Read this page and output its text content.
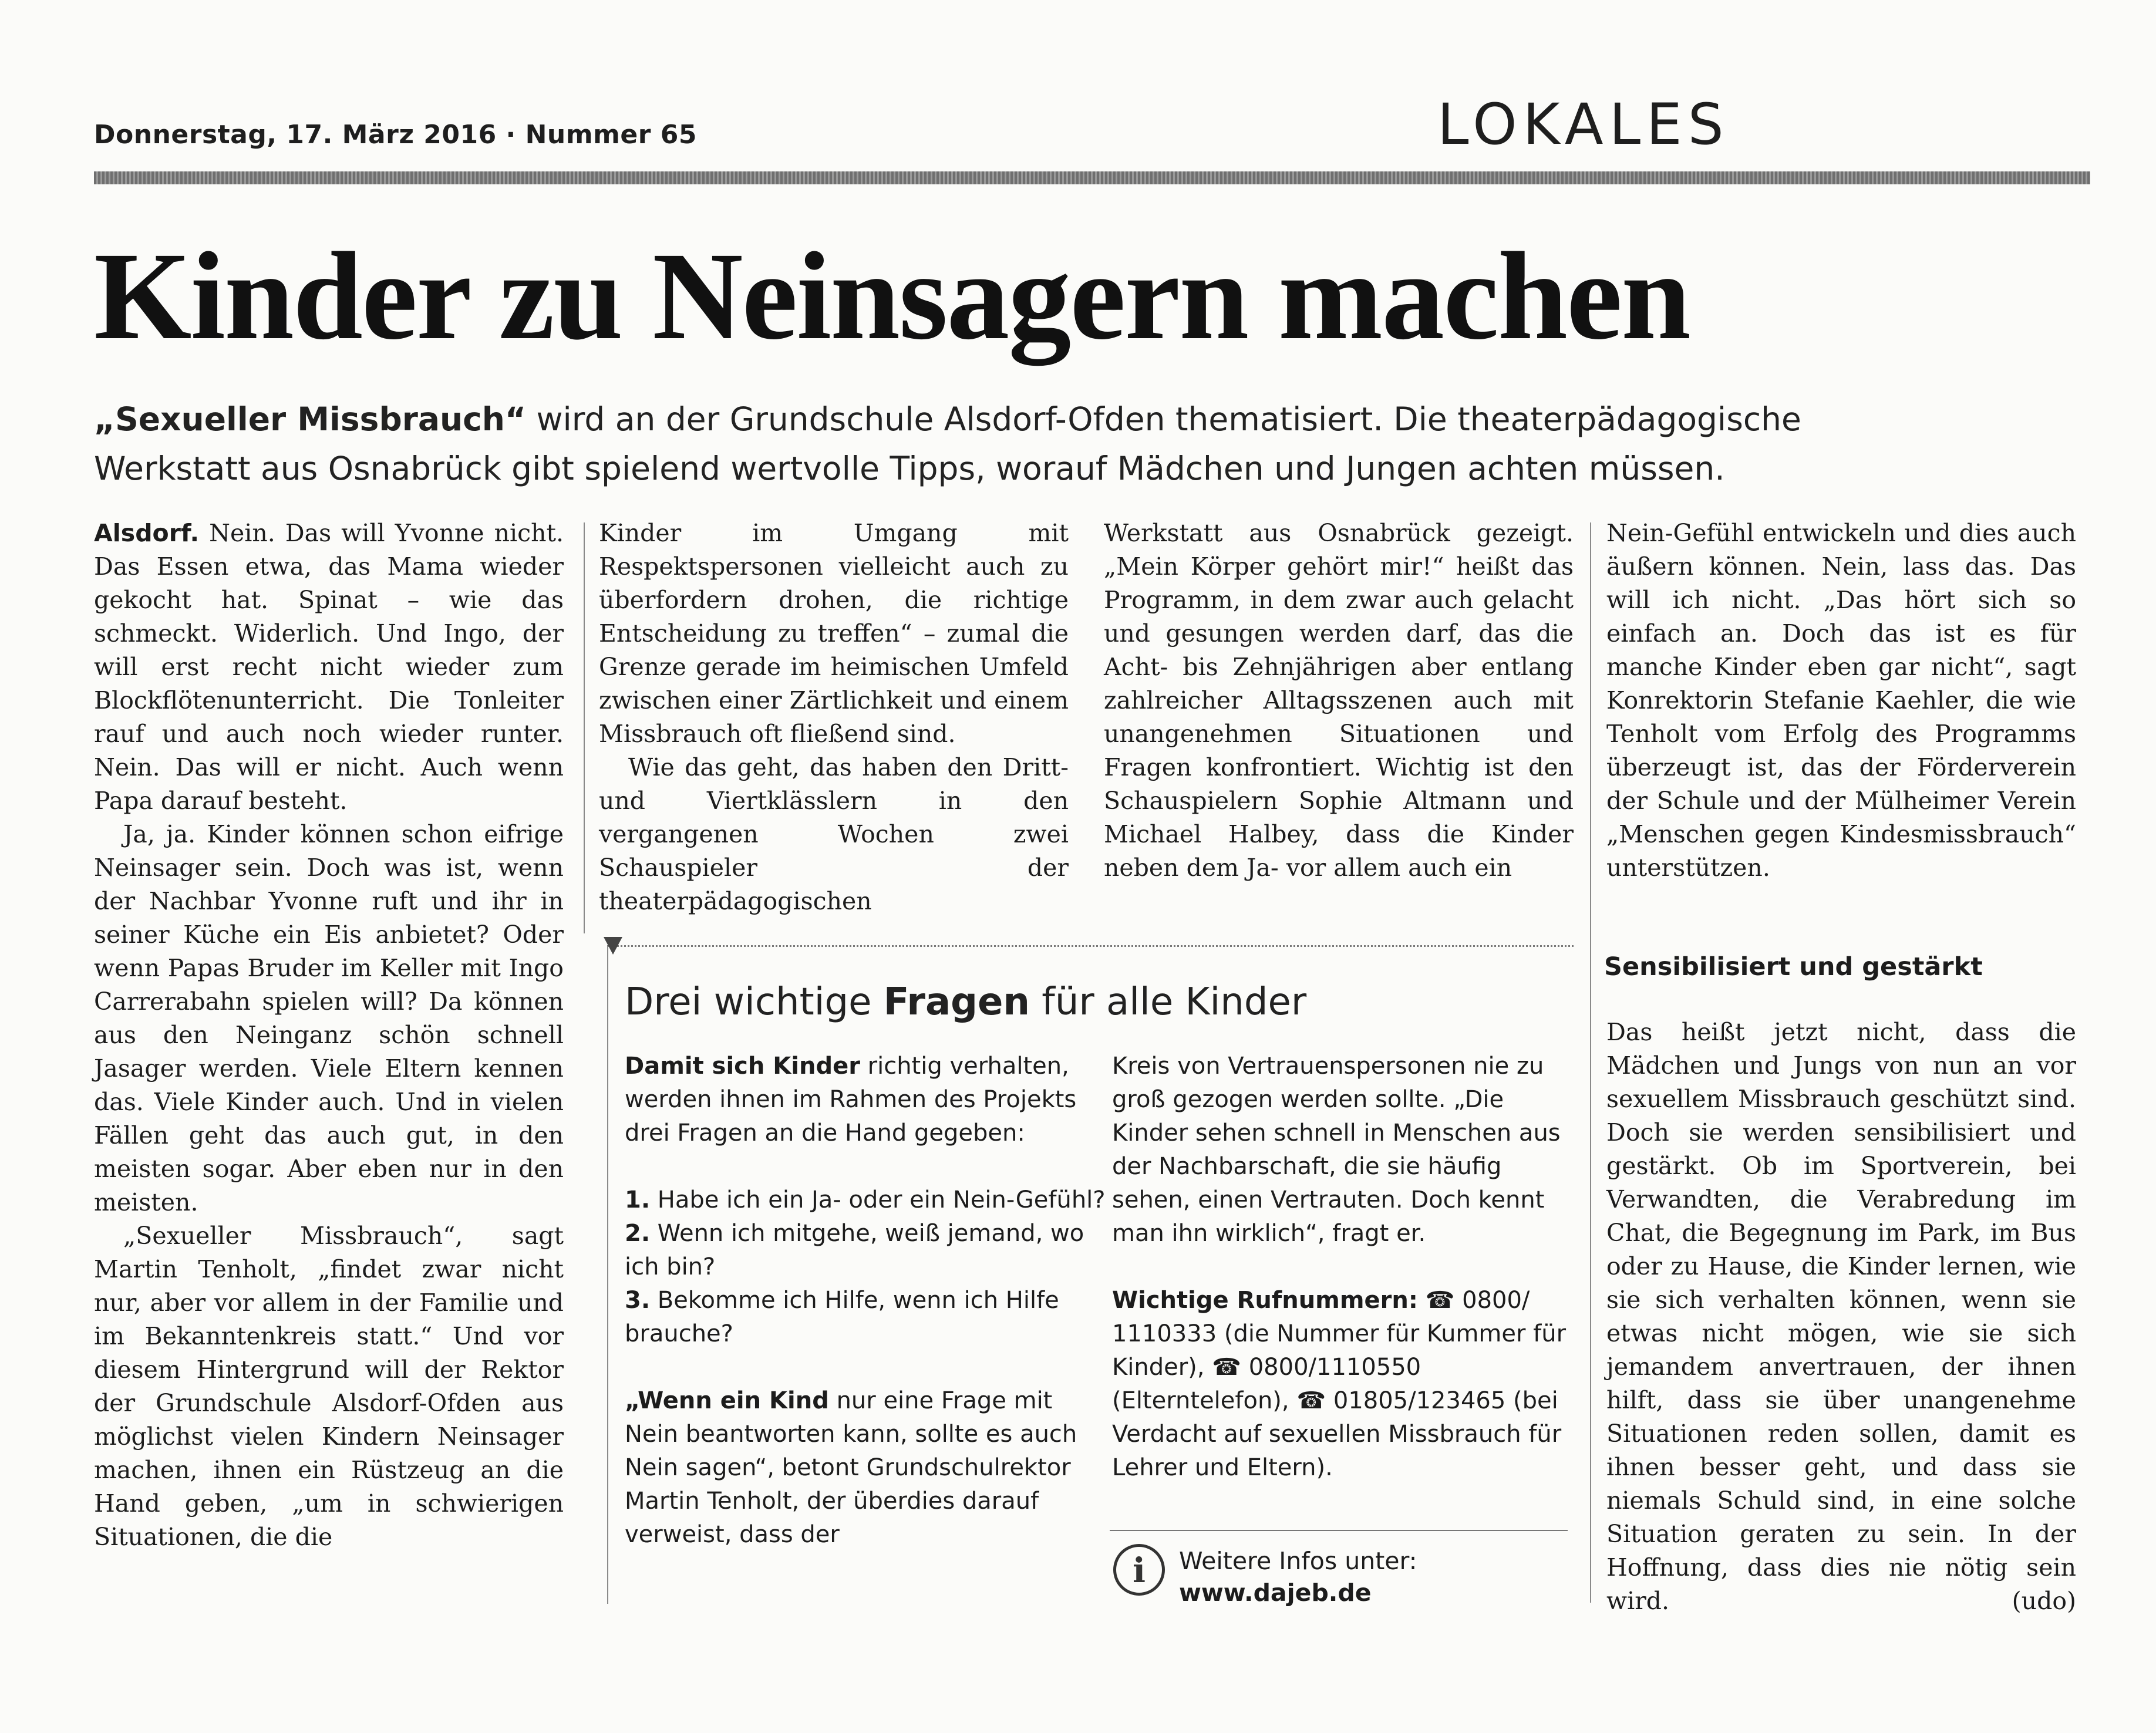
Donnerstag, 17. März 2016 · Nummer 65	LOKALES
Kinder zu Neinsagern machen
„Sexueller Missbrauch“ wird an der Grundschule Alsdorf-Ofden thematisiert. Die theaterpädagogische
Werkstatt aus Osnabrück gibt spielend wertvolle Tipps, worauf Mädchen und Jungen achten müssen.

Alsdorf. Nein. Das will Yvonne nicht. Das Essen etwa, das Mama wieder gekocht hat. Spinat – wie das schmeckt. Widerlich. Und Ingo, der will erst recht nicht wieder zum Blockflötenunterricht. Die Tonleiter rauf und auch noch wieder runter. Nein. Das will er nicht. Auch wenn Papa darauf besteht.

Ja, ja. Kinder können schon eifrige Neinsager sein. Doch was ist, wenn der Nachbar Yvonne ruft und ihr in seiner Küche ein Eis anbietet? Oder wenn Papas Bruder im Keller mit Ingo Carrerabahn spielen will? Da können aus den Neinganz schön schnell Jasager werden. Viele Eltern kennen das. Viele Kinder auch. Und in vielen Fällen geht das auch gut, in den meisten sogar. Aber eben nur in den meisten.

„Sexueller Missbrauch“, sagt Martin Tenholt, „findet zwar nicht nur, aber vor allem in der Familie und im Bekanntenkreis statt.“ Und vor diesem Hintergrund will der Rektor der Grundschule Alsdorf-Ofden aus möglichst vielen Kindern Neinsager machen, ihnen ein Rüstzeug an die Hand geben, „um in schwierigen Situationen, die die

Kinder im Umgang mit Respektspersonen vielleicht auch zu überfordern drohen, die richtige Entscheidung zu treffen“ – zumal die Grenze gerade im heimischen Umfeld zwischen einer Zärtlichkeit und einem Missbrauch oft fließend sind.

Wie das geht, das haben den Dritt- und Viertklässlern in den vergangenen Wochen zwei Schauspieler der theaterpädagogischen

Werkstatt aus Osnabrück gezeigt. „Mein Körper gehört mir!“ heißt das Programm, in dem zwar auch gelacht und gesungen werden darf, das die Acht- bis Zehnjährigen aber entlang zahlreicher Alltagsszenen auch mit unangenehmen Situationen und Fragen konfrontiert. Wichtig ist den Schauspielern Sophie Altmann und Michael Halbey, dass die Kinder neben dem Ja- vor allem auch ein

Nein-Gefühl entwickeln und dies auch äußern können. Nein, lass das. Das will ich nicht. „Das hört sich so einfach an. Doch das ist es für manche Kinder eben gar nicht“, sagt Konrektorin Stefanie Kaehler, die wie Tenholt vom Erfolg des Programms überzeugt ist, das der Förderverein der Schule und der Mülheimer Verein „Menschen gegen Kindesmissbrauch“ unterstützen.

Sensibilisiert und gestärkt

Das heißt jetzt nicht, dass die Mädchen und Jungs von nun an vor sexuellem Missbrauch geschützt sind. Doch sie werden sensibilisiert und gestärkt. Ob im Sportverein, bei Verwandten, die Verabredung im Chat, die Begegnung im Park, im Bus oder zu Hause, die Kinder lernen, wie sie sich verhalten können, wenn sie etwas nicht mögen, wie sie sich jemandem anvertrauen, der ihnen hilft, dass sie über unangenehme Situationen reden sollen, damit es ihnen besser geht, und dass sie niemals Schuld sind, in eine solche Situation geraten zu sein. In der Hoffnung, dass dies nie nötig sein wird.	(udo)

Drei wichtige Fragen für alle Kinder

Damit sich Kinder richtig verhalten, werden ihnen im Rahmen des Projekts drei Fragen an die Hand gegeben:

1. Habe ich ein Ja- oder ein Nein-Gefühl?

2. Wenn ich mitgehe, weiß jemand, wo ich bin?

3. Bekomme ich Hilfe, wenn ich Hilfe brauche?

„Wenn ein Kind nur eine Frage mit Nein beantworten kann, sollte es auch Nein sagen“, betont Grundschulrektor Martin Tenholt, der überdies darauf verweist, dass der

Kreis von Vertrauenspersonen nie zu groß gezogen werden sollte. „Die Kinder sehen schnell in Menschen aus der Nachbarschaft, die sie häufig sehen, einen Vertrauten. Doch kennt man ihn wirklich“, fragt er.

Wichtige Rufnummern: ☎ 0800/ 1110333 (die Nummer für Kummer für Kinder), ☎ 0800/1110550 (Elterntelefon), ☎ 01805/123465 (bei Verdacht auf sexuellen Missbrauch für Lehrer und Eltern).

i	Weitere Infos unter:
www.dajeb.de
